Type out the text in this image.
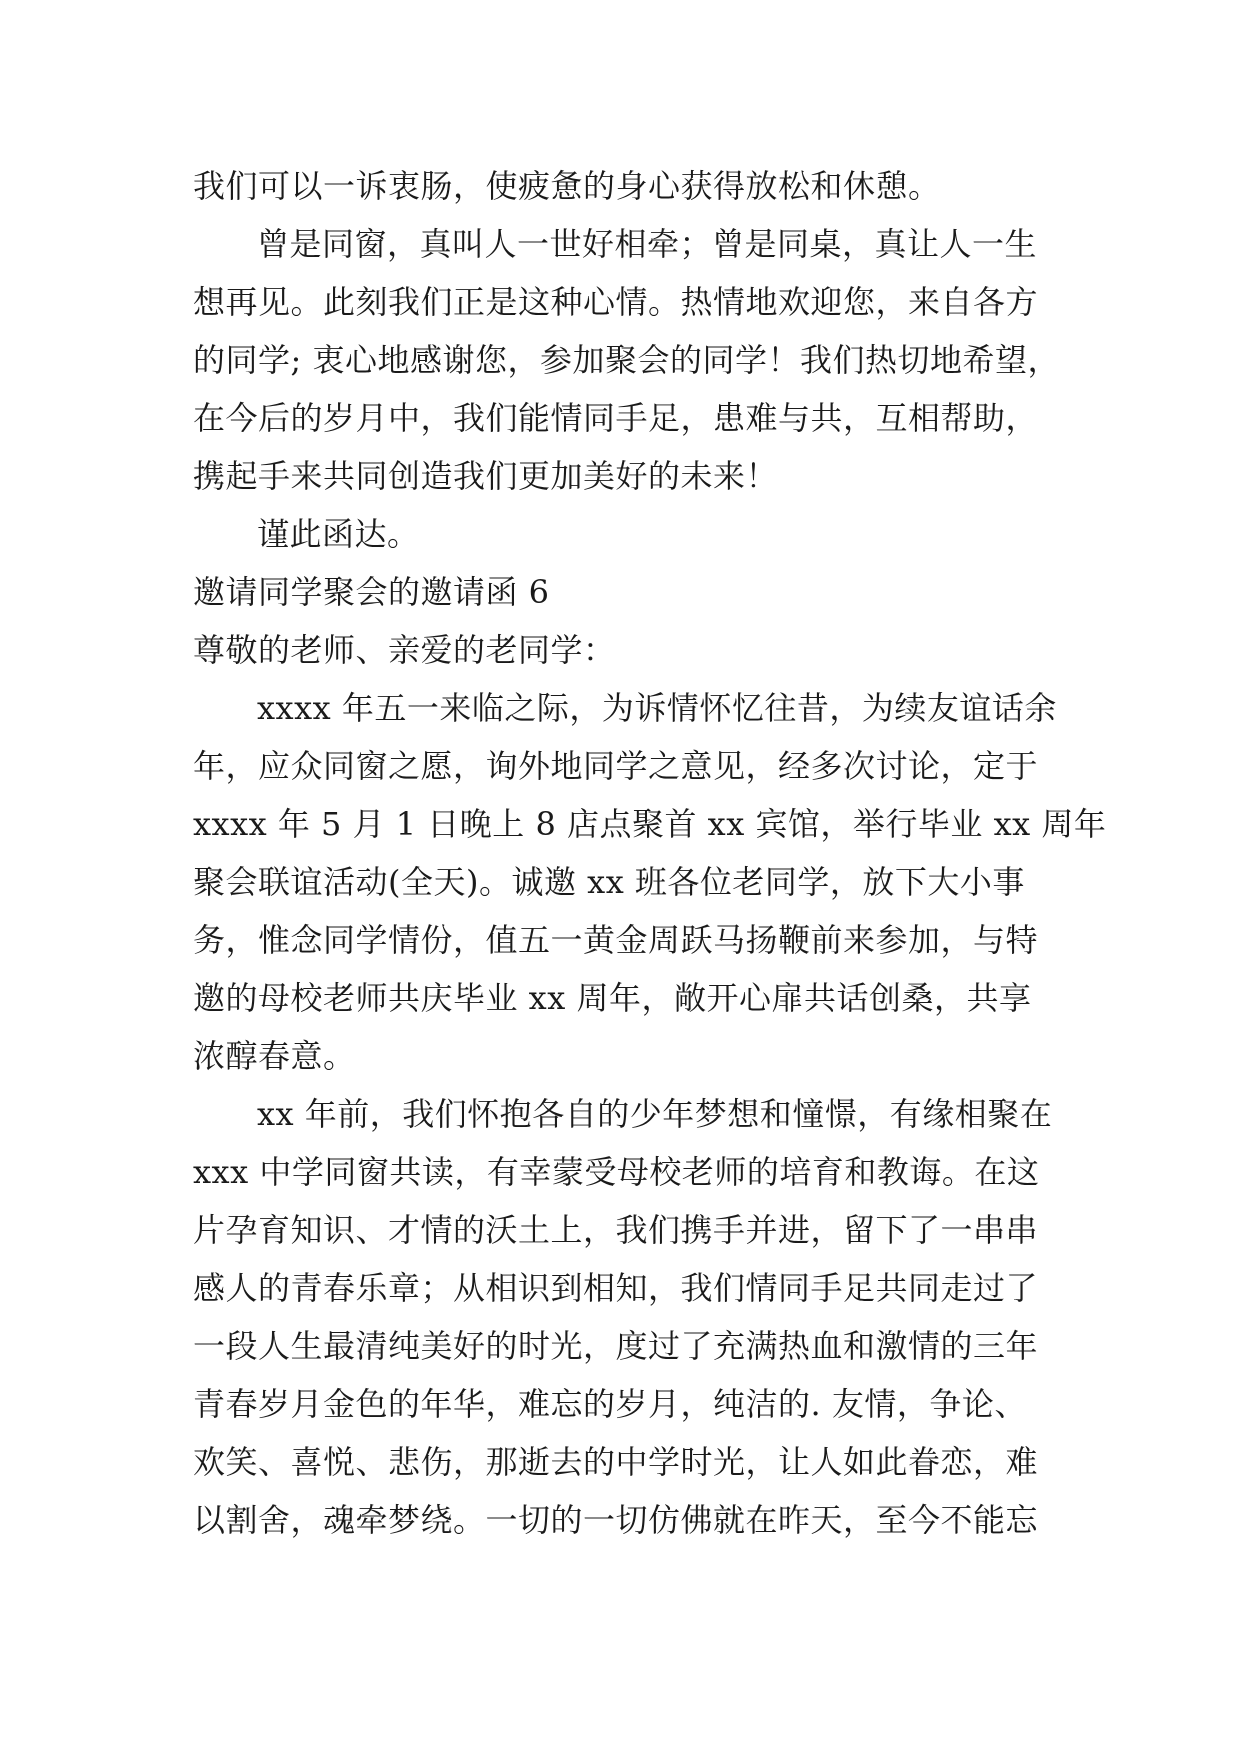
我们可以一诉衷肠，使疲惫的身心获得放松和休憩。
曾是同窗，真叫人一世好相牵；曾是同桌，真让人一生
想再见。此刻我们正是这种心情。热情地欢迎您，来自各方
的同学; 衷心地感谢您，参加聚会的同学！我们热切地希望，
在今后的岁月中，我们能情同手足，患难与共，互相帮助，
携起手来共同创造我们更加美好的未来！
谨此函达。
邀请同学聚会的邀请函 6
尊敬的老师、亲爱的老同学：
xxxx 年五一来临之际，为诉情怀忆往昔，为续友谊话余
年，应众同窗之愿，询外地同学之意见，经多次讨论，定于
xxxx 年 5 月 1 日晚上 8 店点聚首 xx 宾馆，举行毕业 xx 周年
聚会联谊活动(全天)。诚邀 xx 班各位老同学，放下大小事
务，惟念同学情份，值五一黄金周跃马扬鞭前来参加，与特
邀的母校老师共庆毕业 xx 周年，敞开心扉共话创桑，共享
浓醇春意。
xx 年前，我们怀抱各自的少年梦想和憧憬，有缘相聚在
xxx 中学同窗共读，有幸蒙受母校老师的培育和教诲。在这
片孕育知识、才情的沃土上，我们携手并进，留下了一串串
感人的青春乐章；从相识到相知，我们情同手足共同走过了
一段人生最清纯美好的时光，度过了充满热血和激情的三年
青春岁月金色的年华，难忘的岁月，纯洁的. 友情，争论、
欢笑、喜悦、悲伤，那逝去的中学时光，让人如此眷恋，难
以割舍，魂牵梦绕。一切的一切仿佛就在昨天，至今不能忘
